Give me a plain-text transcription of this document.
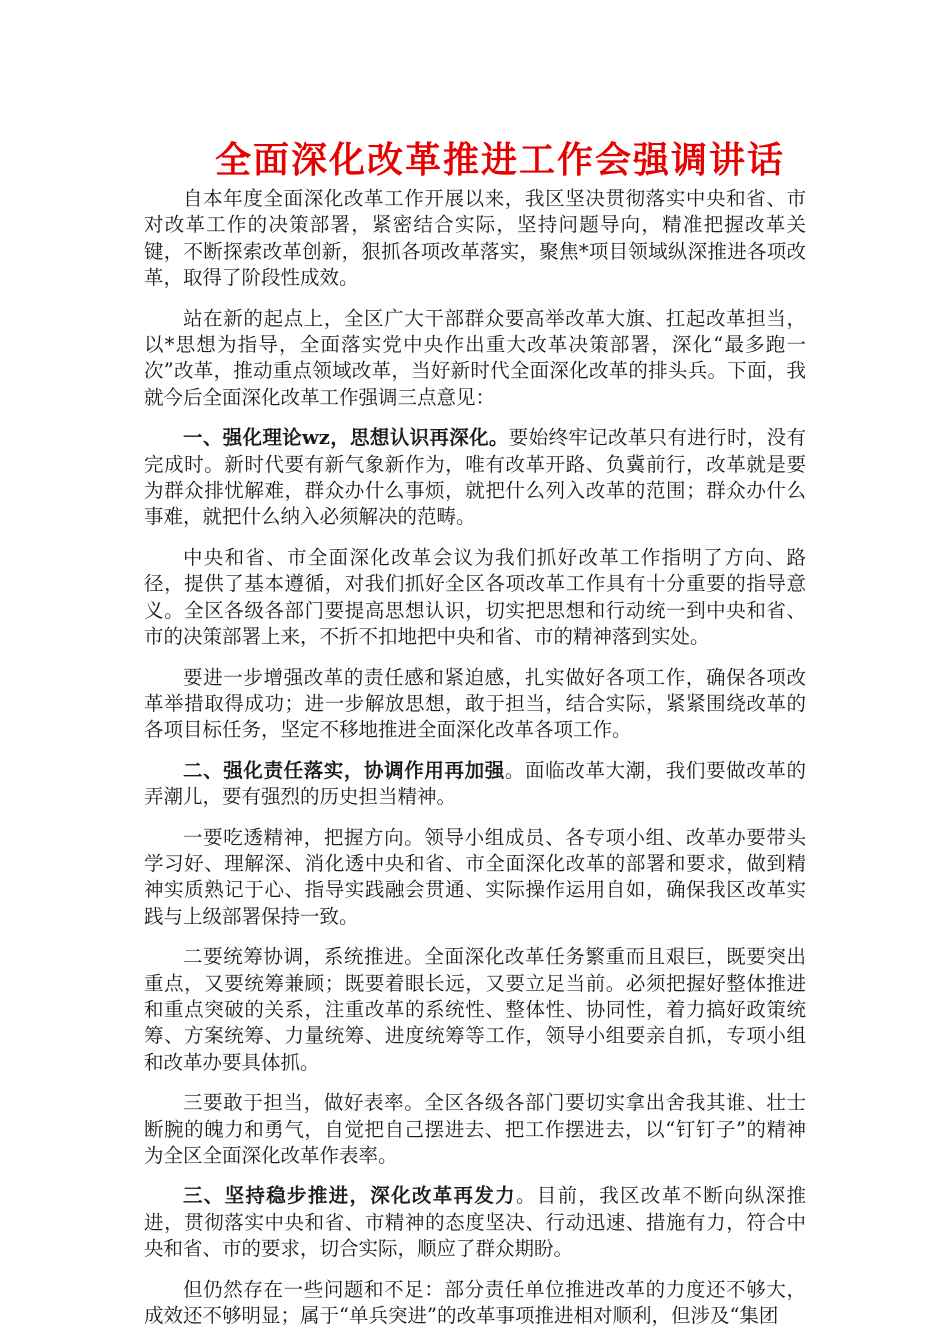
全面深化改革推进工作会强调讲话

自本年度全面深化改革工作开展以来，我区坚决贯彻落实中央和省、市对改革工作的决策部署，紧密结合实际，坚持问题导向，精准把握改革关键，不断探索改革创新，狠抓各项改革落实，聚焦*项目领域纵深推进各项改革，取得了阶段性成效。

站在新的起点上，全区广大干部群众要高举改革大旗、扛起改革担当，以*思想为指导，全面落实党中央作出重大改革决策部署，深化“最多跑一次”改革，推动重点领域改革，当好新时代全面深化改革的排头兵。下面，我就今后全面深化改革工作强调三点意见：

一、强化理论wz，思想认识再深化。要始终牢记改革只有进行时，没有完成时。新时代要有新气象新作为，唯有改革开路、负冀前行，改革就是要为群众排忧解难，群众办什么事烦，就把什么列入改革的范围；群众办什么事难，就把什么纳入必须解决的范畴。

中央和省、市全面深化改革会议为我们抓好改革工作指明了方向、路径，提供了基本遵循，对我们抓好全区各项改革工作具有十分重要的指导意义。全区各级各部门要提高思想认识，切实把思想和行动统一到中央和省、市的决策部署上来，不折不扣地把中央和省、市的精神落到实处。

要进一步增强改革的责任感和紧迫感，扎实做好各项工作，确保各项改革举措取得成功；进一步解放思想，敢于担当，结合实际，紧紧围绕改革的各项目标任务，坚定不移地推进全面深化改革各项工作。

二、强化责任落实，协调作用再加强。面临改革大潮，我们要做改革的弄潮儿，要有强烈的历史担当精神。

一要吃透精神，把握方向。领导小组成员、各专项小组、改革办要带头学习好、理解深、消化透中央和省、市全面深化改革的部署和要求，做到精神实质熟记于心、指导实践融会贯通、实际操作运用自如，确保我区改革实践与上级部署保持一致。

二要统筹协调，系统推进。全面深化改革任务繁重而且艰巨，既要突出重点，又要统筹兼顾；既要着眼长远，又要立足当前。必须把握好整体推进和重点突破的关系，注重改革的系统性、整体性、协同性，着力搞好政策统筹、方案统筹、力量统筹、进度统筹等工作，领导小组要亲自抓，专项小组和改革办要具体抓。

三要敢于担当，做好表率。全区各级各部门要切实拿出舍我其谁、壮士断腕的魄力和勇气，自觉把自己摆进去、把工作摆进去，以“钉钉子”的精神为全区全面深化改革作表率。

三、坚持稳步推进，深化改革再发力。目前，我区改革不断向纵深推进，贯彻落实中央和省、市精神的态度坚决、行动迅速、措施有力，符合中央和省、市的要求，切合实际，顺应了群众期盼。

但仍然存在一些问题和不足：部分责任单位推进改革的力度还不够大，成效还不够明显；属于“单兵突进”的改革事项推进相对顺利，但涉及“集团
